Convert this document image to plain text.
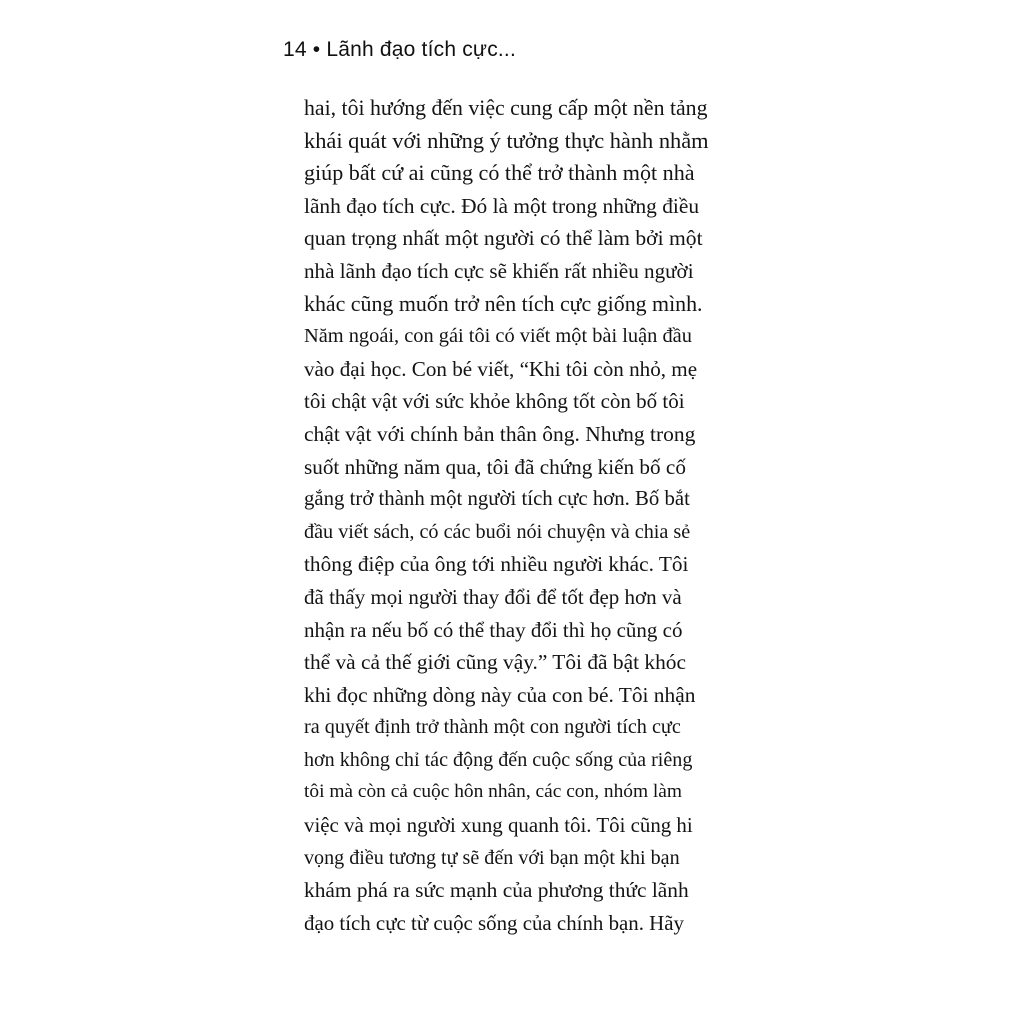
14 • Lãnh đạo tích cực...
hai, tôi hướng đến việc cung cấp một nền tảng
khái quát với những ý tưởng thực hành nhằm
giúp bất cứ ai cũng có thể trở thành một nhà
lãnh đạo tích cực. Đó là một trong những điều
quan trọng nhất một người có thể làm bởi một
nhà lãnh đạo tích cực sẽ khiến rất nhiều người
khác cũng muốn trở nên tích cực giống mình.
Năm ngoái, con gái tôi có viết một bài luận đầu
vào đại học. Con bé viết, “Khi tôi còn nhỏ, mẹ
tôi chật vật với sức khỏe không tốt còn bố tôi
chật vật với chính bản thân ông. Nhưng trong
suốt những năm qua, tôi đã chứng kiến bố cố
gắng trở thành một người tích cực hơn. Bố bắt
đầu viết sách, có các buổi nói chuyện và chia sẻ
thông điệp của ông tới nhiều người khác. Tôi
đã thấy mọi người thay đổi để tốt đẹp hơn và
nhận ra nếu bố có thể thay đổi thì họ cũng có
thể và cả thế giới cũng vậy.” Tôi đã bật khóc
khi đọc những dòng này của con bé. Tôi nhận
ra quyết định trở thành một con người tích cực
hơn không chỉ tác động đến cuộc sống của riêng
tôi mà còn cả cuộc hôn nhân, các con, nhóm làm
việc và mọi người xung quanh tôi. Tôi cũng hi
vọng điều tương tự sẽ đến với bạn một khi bạn
khám phá ra sức mạnh của phương thức lãnh
đạo tích cực từ cuộc sống của chính bạn. Hãy
